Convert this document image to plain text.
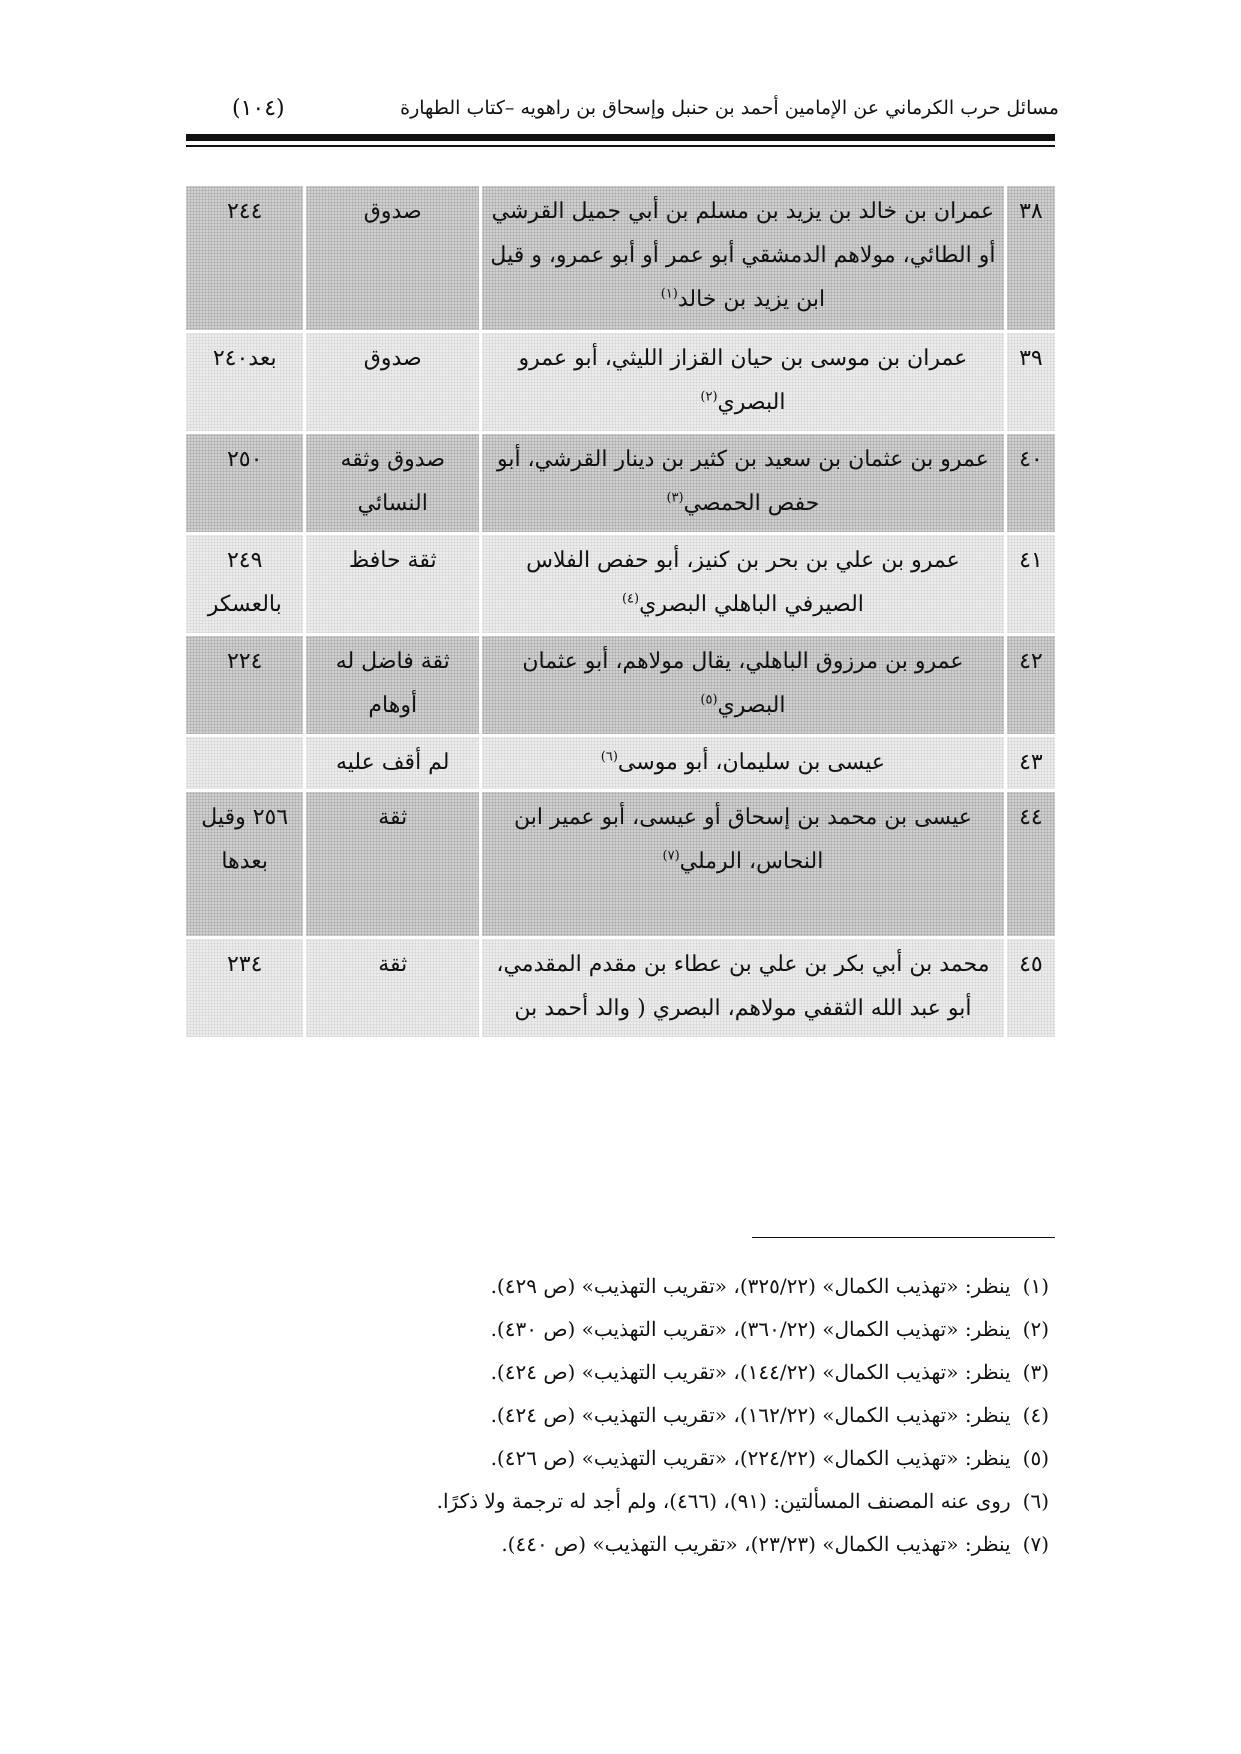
مسائل حرب الكرماني عن الإمامين أحمد بن حنبل وإسحاق بن راهويه –كتاب الطهارة
(١٠٤)
٣٨	عمران بن خالد بن يزيد بن مسلم بن أبي جميل القرشي أو الطائي، مولاهم الدمشقي أبو عمر أو أبو عمرو، و قيل ابن يزيد بن خالد$^{(١)}$	صدوق	٢٤٤
٣٩	عمران بن موسى بن حيان القزاز الليثي، أبو عمرو البصري$^{(٢)}$	صدوق	بعد٢٤٠
٤٠	عمرو بن عثمان بن سعيد بن كثير بن دينار القرشي، أبو حفص الحمصي$^{(٣)}$	صدوق وثقه النسائي	٢٥٠
٤١	عمرو بن علي بن بحر بن كنيز، أبو حفص الفلاس الصيرفي الباهلي البصري$^{(٤)}$	ثقة حافظ	٢٤٩ بالعسكر
٤٢	عمرو بن مرزوق الباهلي، يقال مولاهم، أبو عثمان البصري$^{(٥)}$	ثقة فاضل له أوهام	٢٢٤
٤٣	عيسى بن سليمان، أبو موسى$^{(٦)}$	لم أقف عليه	
٤٤	عيسى بن محمد بن إسحاق أو عيسى، أبو عمير ابن النحاس، الرملي$^{(٧)}$	ثقة	٢٥٦ وقيل بعدها
٤٥	محمد بن أبي بكر بن علي بن عطاء بن مقدم المقدمي، أبو عبد الله الثقفي مولاهم، البصري ( والد أحمد بن	ثقة	٢٣٤
(١)ينظر: «تهذيب الكمال» (٣٢٥/٢٢)، «تقريب التهذيب» (ص ٤٢٩).
(٢)ينظر: «تهذيب الكمال» (٣٦٠/٢٢)، «تقريب التهذيب» (ص ٤٣٠).
(٣)ينظر: «تهذيب الكمال» (١٤٤/٢٢)، «تقريب التهذيب» (ص ٤٢٤).
(٤)ينظر: «تهذيب الكمال» (١٦٢/٢٢)، «تقريب التهذيب» (ص ٤٢٤).
(٥)ينظر: «تهذيب الكمال» (٢٢٤/٢٢)، «تقريب التهذيب» (ص ٤٢٦).
(٦)روى عنه المصنف المسألتين: (٩١)، (٤٦٦)، ولم أجد له ترجمة ولا ذكرًا.
(٧)ينظر: «تهذيب الكمال» (٢٣/٢٣)، «تقريب التهذيب» (ص ٤٤٠).
